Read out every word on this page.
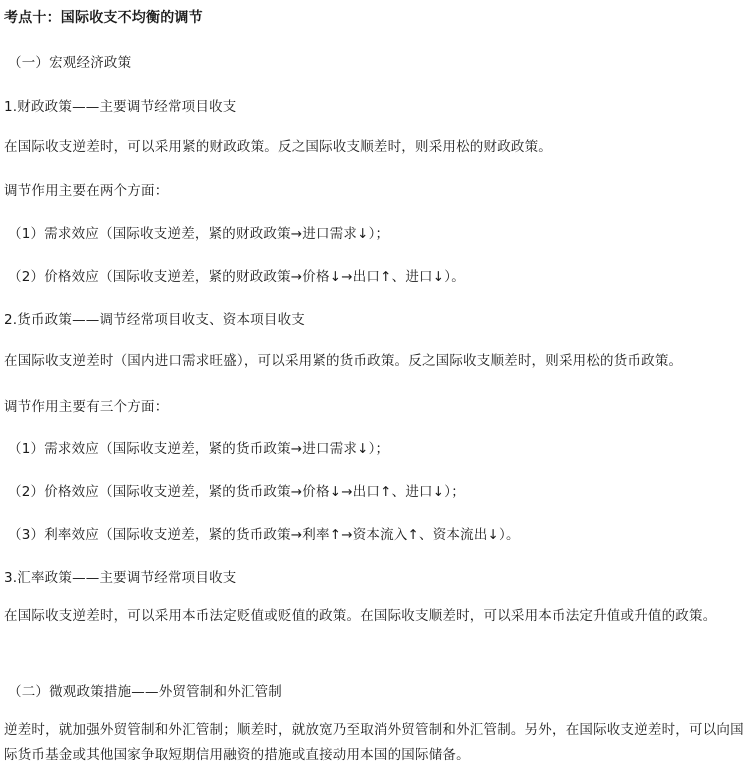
考点十：国际收支不均衡的调节
（一）宏观经济政策
1.财政政策——主要调节经常项目收支
在国际收支逆差时，可以采用紧的财政政策。反之国际收支顺差时，则采用松的财政政策。
调节作用主要在两个方面：
（1）需求效应（国际收支逆差，紧的财政政策→进口需求↓）；
（2）价格效应（国际收支逆差，紧的财政政策→价格↓→出口↑、进口↓）。
2.货币政策——调节经常项目收支、资本项目收支
在国际收支逆差时（国内进口需求旺盛），可以采用紧的货币政策。反之国际收支顺差时，则采用松的货币政策。
调节作用主要有三个方面：
（1）需求效应（国际收支逆差，紧的货币政策→进口需求↓）；
（2）价格效应（国际收支逆差，紧的货币政策→价格↓→出口↑、进口↓）；
（3）利率效应（国际收支逆差，紧的货币政策→利率↑→资本流入↑、资本流出↓）。
3.汇率政策——主要调节经常项目收支
在国际收支逆差时，可以采用本币法定贬值或贬值的政策。在国际收支顺差时，可以采用本币法定升值或升值的政策。
（二）微观政策措施——外贸管制和外汇管制
逆差时，就加强外贸管制和外汇管制；顺差时，就放宽乃至取消外贸管制和外汇管制。另外，在国际收支逆差时，可以向国际货币基金或其他国家争取短期信用融资的措施或直接动用本国的国际储备。
